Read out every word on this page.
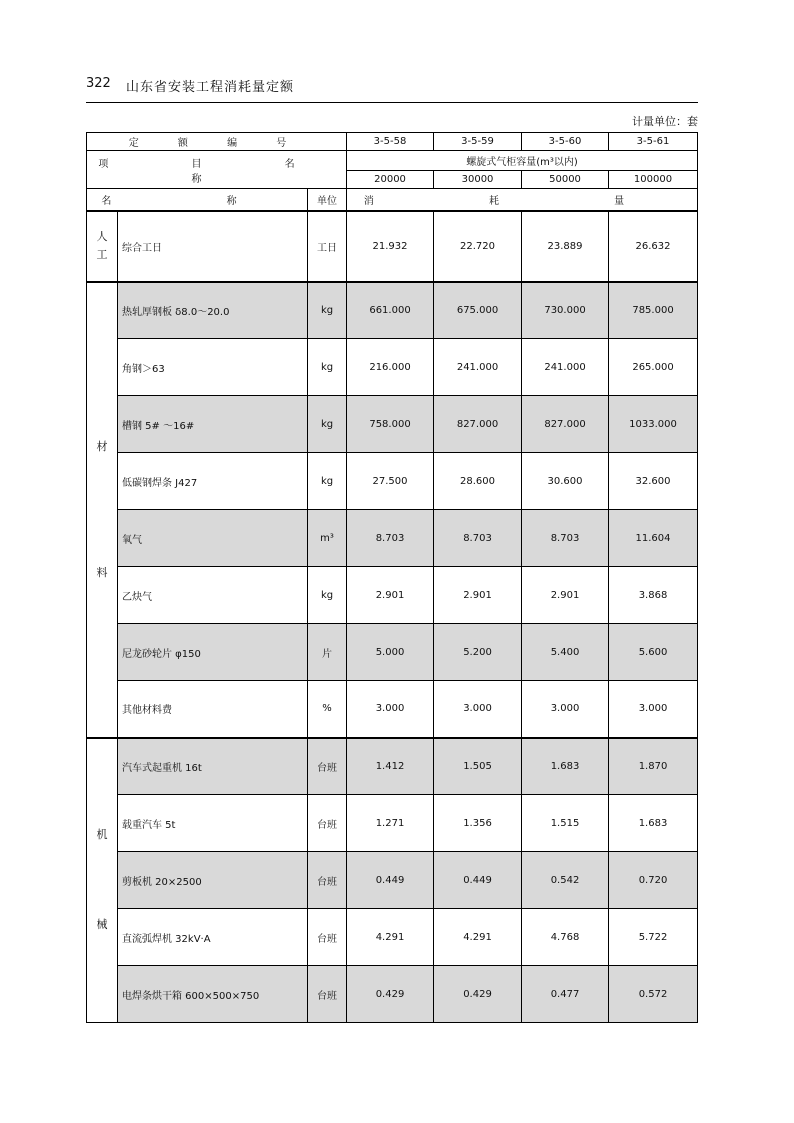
322 山东省安装工程消耗量定额
计量单位：套
定 额 编 号			3-5-58	3-5-59	3-5-60	3-5-61
项 目 名 称			螺旋式气柜容量(m³以内)			
			20000	30000	50000	100000
名 称		单位	消 耗 量			
人
工	综合工日	工日	21.932	22.720	23.889	26.632
材

料	热轧厚钢板 δ8.0～20.0	kg	661.000	675.000	730.000	785.000
	角钢＞63	kg	216.000	241.000	241.000	265.000
	槽钢 5# ～16#	kg	758.000	827.000	827.000	1033.000
	低碳钢焊条 J427	kg	27.500	28.600	30.600	32.600
	氧气	m³	8.703	8.703	8.703	11.604
	乙炔气	kg	2.901	2.901	2.901	3.868
	尼龙砂轮片 φ150	片	5.000	5.200	5.400	5.600
	其他材料费	%	3.000	3.000	3.000	3.000
机

械	汽车式起重机 16t	台班	1.412	1.505	1.683	1.870
	载重汽车 5t	台班	1.271	1.356	1.515	1.683
	剪板机 20×2500	台班	0.449	0.449	0.542	0.720
	直流弧焊机 32kV·A	台班	4.291	4.291	4.768	5.722
	电焊条烘干箱 600×500×750	台班	0.429	0.429	0.477	0.572
